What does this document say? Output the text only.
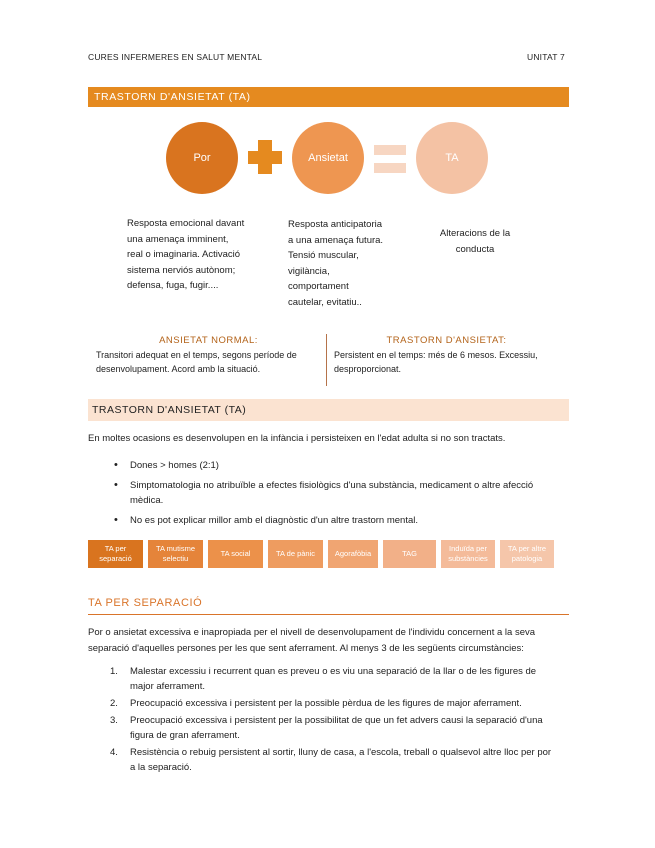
CURES INFERMERES EN SALUT MENTAL	UNITAT 7
TRASTORN D'ANSIETAT (TA)
Por	Ansietat	TA
Resposta emocional davant
una amenaça imminent,
real o imaginaria. Activació
sistema nerviós autònom;
defensa, fuga, fugir....
Resposta anticipatoria
a una amenaça futura.
Tensió muscular,
vigilància,
comportament
cautelar, evitatiu..
Alteracions de la
conducta
ANSIETAT NORMAL:
Transitori adequat en el temps, segons període de
desenvolupament. Acord amb la situació.
TRASTORN D'ANSIETAT:
Persistent en el temps: més de 6 mesos. Excessiu,
desproporcionat.
TRASTORN D'ANSIETAT (TA)
En moltes ocasions es desenvolupen en la infància i persisteixen en l'edat adulta si no son tractats.
• Dones > homes (2:1)
• Simptomatologia no atribuïble a efectes fisiològics d'una substància, medicament o altre afecció
mèdica.
• No es pot explicar millor amb el diagnòstic d'un altre trastorn mental.
TA per
separació
TA mutisme
selectiu
TA social	TA de pànic	Agorafòbia	TAG
Induïda per
substàncies
TA per altre
patologia
TA PER SEPARACIÓ
Por o ansietat excessiva e inapropiada per el nivell de desenvolupament de l'individu concernent a la seva
separació d'aquelles persones per les que sent aferrament. Al menys 3 de les següents circumstàncies:
1. Malestar excessiu i recurrent quan es preveu o es viu una separació de la llar o de les figures de
major aferrament.
2. Preocupació excessiva i persistent per la possible pèrdua de les figures de major aferrament.
3. Preocupació excessiva i persistent per la possibilitat de que un fet advers causi la separació d'una
figura de gran aferrament.
4. Resistència o rebuig persistent al sortir, lluny de casa, a l'escola, treball o qualsevol altre lloc per por
a la separació.
